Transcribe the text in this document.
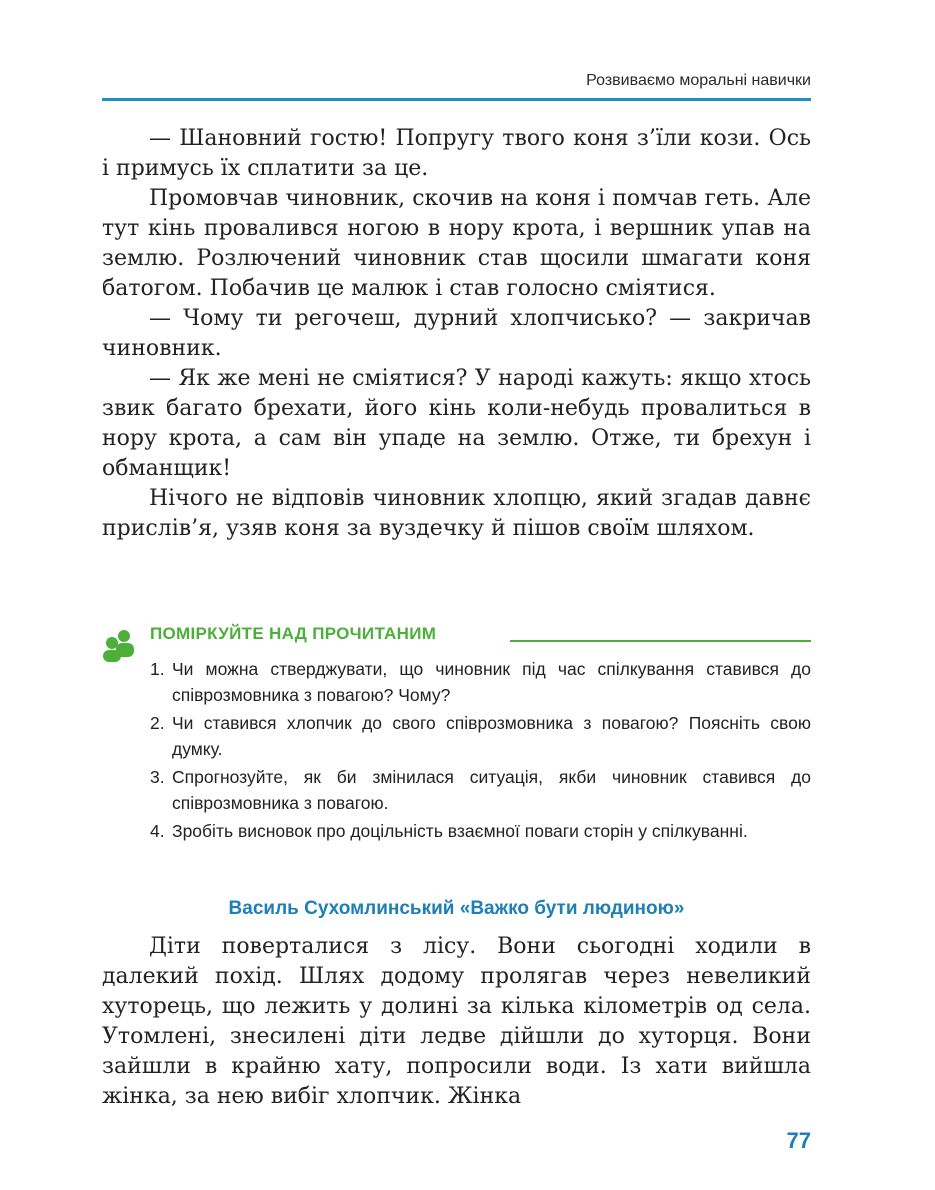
Розвиваємо моральні навички

— Шановний гостю! Попругу твого коня з’їли кози. Ось і примусь їх сплатити за це.

Промовчав чиновник, скочив на коня і помчав геть. Але тут кінь провалився ногою в нору крота, і вершник упав на землю. Розлючений чиновник став щосили шмагати коня батогом. Побачив це малюк і став голосно сміятися.

— Чому ти регочеш, дурний хлопчисько? — закричав чиновник.

— Як же мені не сміятися? У народі кажуть: якщо хтось звик багато брехати, його кінь коли-небудь провалиться в нору крота, а сам він упаде на землю. Отже, ти брехун і обманщик!

Нічого не відповів чиновник хлопцю, який згадав давнє прислів’я, узяв коня за вуздечку й пішов своїм шляхом.

ПОМІРКУЙТЕ НАД ПРОЧИТАНИМ
1. Чи можна стверджувати, що чиновник під час спілкування ставився до співрозмовника з повагою? Чому?
2. Чи ставився хлопчик до свого співрозмовника з повагою? Поясніть свою думку.
3. Спрогнозуйте, як би змінилася ситуація, якби чиновник ставився до співрозмовника з повагою.
4. Зробіть висновок про доцільність взаємної поваги сторін у спілкуванні.
Василь Сухомлинський «Важко бути людиною»

Діти поверталися з лісу. Вони сьогодні ходили в далекий похід. Шлях додому пролягав через невеликий хуторець, що лежить у долині за кілька кілометрів од села. Утомлені, знесилені діти ледве дійшли до хуторця. Вони зайшли в крайню хату, попросили води. Із хати вийшла жінка, за нею вибіг хлопчик. Жінка

77
